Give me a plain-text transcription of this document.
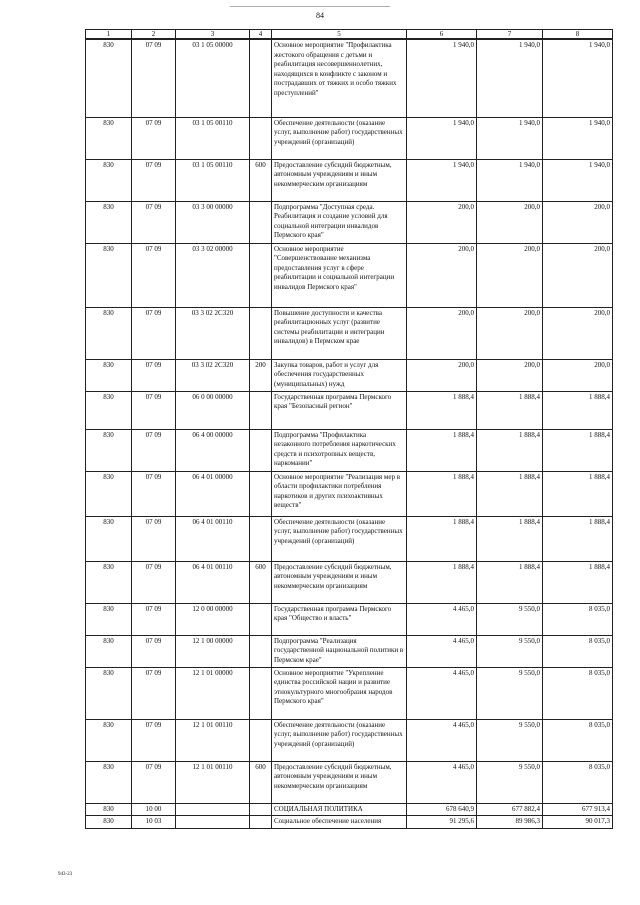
84
1	2	3	4	5	6	7	8
830	07 09	03 1 05 00000		Основное мероприятие "Профилактика жестокого обращения с детьми и реабилитация несовершеннолетних, находящихся в конфликте с законом и пострадавших от тяжких и особо тяжких преступлений"	1 940,0	1 940,0	1 940,0
830	07 09	03 1 05 00110		Обеспечение деятельности (оказание услуг, выполнение работ) государственных учреждений (организаций)	1 940,0	1 940,0	1 940,0
830	07 09	03 1 05 00110	600	Предоставление субсидий бюджетным, автономным учреждениям и иным некоммерческим организациям	1 940,0	1 940,0	1 940,0
830	07 09	03 3 00 00000		Подпрограмма "Доступная среда. Реабилитация и создание условий для социальной интеграции инвалидов Пермского края"	200,0	200,0	200,0
830	07 09	03 3 02 00000		Основное мероприятие "Совершенствование механизма предоставления услуг в сфере реабилитации и социальной интеграции инвалидов Пермского края"	200,0	200,0	200,0
830	07 09	03 3 02 2С320		Повышение доступности и качества реабилитационных услуг (развитие системы реабилитации и интеграции инвалидов) в Пермском крае	200,0	200,0	200,0
830	07 09	03 3 02 2С320	200	Закупка товаров, работ и услуг для обеспечения государственных (муниципальных) нужд	200,0	200,0	200,0
830	07 09	06 0 00 00000		Государственная программа Пермского края "Безопасный регион"	1 888,4	1 888,4	1 888,4
830	07 09	06 4 00 00000		Подпрограмма "Профилактика незаконного потребления наркотических средств и психотропных веществ, наркомании"	1 888,4	1 888,4	1 888,4
830	07 09	06 4 01 00000		Основное мероприятие "Реализация мер в области профилактики потребления наркотиков и других психоактивных веществ"	1 888,4	1 888,4	1 888,4
830	07 09	06 4 01 00110		Обеспечение деятельности (оказание услуг, выполнение работ) государственных учреждений (организаций)	1 888,4	1 888,4	1 888,4
830	07 09	06 4 01 00110	600	Предоставление субсидий бюджетным, автономным учреждениям и иным некоммерческим организациям	1 888,4	1 888,4	1 888,4
830	07 09	12 0 00 00000		Государственная программа Пермского края "Общество и власть"	4 465,0	9 550,0	8 035,0
830	07 09	12 1 00 00000		Подпрограмма "Реализация государственной национальной политики в Пермском крае"	4 465,0	9 550,0	8 035,0
830	07 09	12 1 01 00000		Основное мероприятие "Укрепление единства российской нации и развитие этнокультурного многообразия народов Пермского края"	4 465,0	9 550,0	8 035,0
830	07 09	12 1 01 00110		Обеспечение деятельности (оказание услуг, выполнение работ) государственных учреждений (организаций)	4 465,0	9 550,0	8 035,0
830	07 09	12 1 01 00110	600	Предоставление субсидий бюджетным, автономным учреждениям и иным некоммерческим организациям	4 465,0	9 550,0	8 035,0
830	10 00			СОЦИАЛЬНАЯ ПОЛИТИКА	678 640,9	677 882,4	677 913,4
830	10 03			Социальное обеспечение населения	91 295,6	89 986,3	90 017,3
943-23
